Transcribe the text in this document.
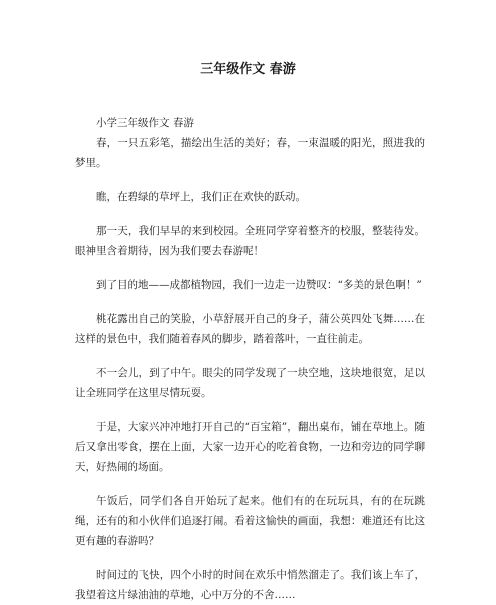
三年级作文 春游

小学三年级作文 春游

春，一只五彩笔，描绘出生活的美好；春，一束温暖的阳光，照进我的梦里。

瞧，在碧绿的草坪上，我们正在欢快的跃动。

那一天，我们早早的来到校园。全班同学穿着整齐的校服，整装待发。眼神里含着期待，因为我们要去春游呢！

到了目的地——成都植物园，我们一边走一边赞叹：“多美的景色啊！”

桃花露出自己的笑脸，小草舒展开自己的身子，蒲公英四处飞舞……在这样的景色中，我们随着春风的脚步，踏着落叶，一直往前走。

不一会儿，到了中午。眼尖的同学发现了一块空地，这块地很宽，足以让全班同学在这里尽情玩耍。

于是，大家兴冲冲地打开自己的“百宝箱”，翻出桌布，铺在草地上。随后又拿出零食，摆在上面，大家一边开心的吃着食物，一边和旁边的同学聊天，好热闹的场面。

午饭后，同学们各自开始玩了起来。他们有的在玩玩具，有的在玩跳绳，还有的和小伙伴们追逐打闹。看着这愉快的画面，我想：难道还有比这更有趣的春游吗？

时间过的飞快，四个小时的时间在欢乐中悄然溜走了。我们该上车了，我望着这片绿油油的草地，心中万分的不舍……
